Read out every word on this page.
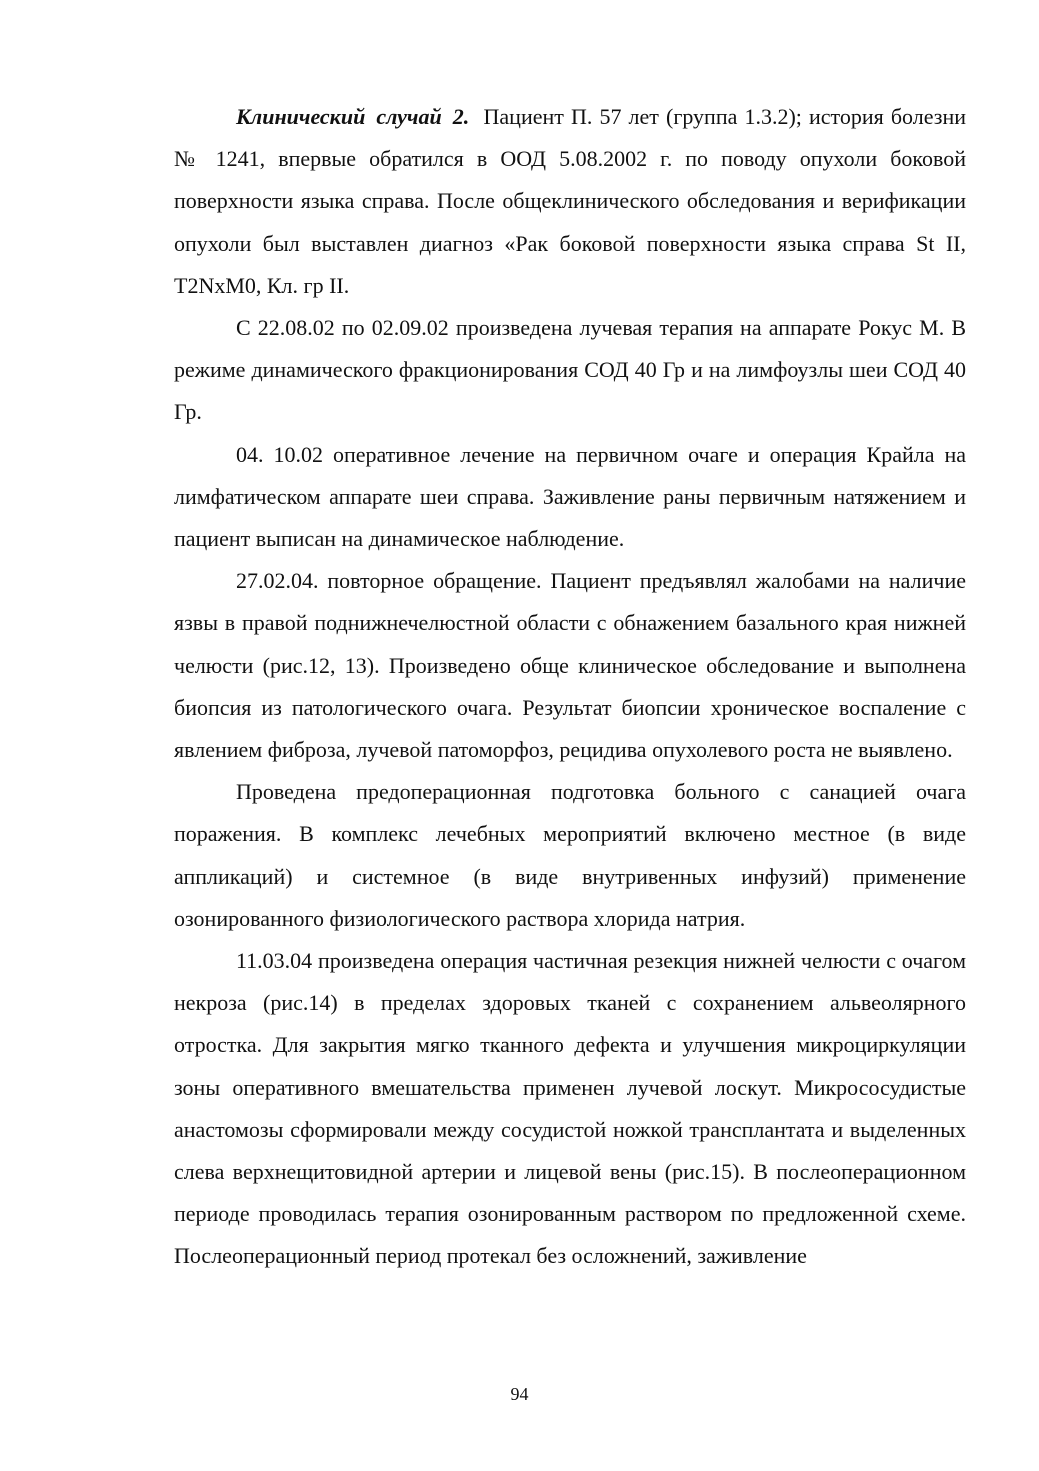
Клинический случай 2. Пациент П. 57 лет (группа 1.3.2); история болезни № 1241, впервые обратился в ООД 5.08.2002 г. по поводу опухоли боковой поверхности языка справа. После общеклинического обследования и верификации опухоли был выставлен диагноз «Рак боковой поверхности языка справа St II, T2NxM0, Кл. гр II.

С 22.08.02 по 02.09.02 произведена лучевая терапия на аппарате Рокус М. В режиме динамического фракционирования СОД 40 Гр и на лимфоузлы шеи СОД 40 Гр.

04. 10.02 оперативное лечение на первичном очаге и операция Крайла на лимфатическом аппарате шеи справа. Заживление раны первичным натяжением и пациент выписан на динамическое наблюдение.

27.02.04. повторное обращение. Пациент предъявлял жалобами на наличие язвы в правой поднижнечелюстной области с обнажением базального края нижней челюсти (рис.12, 13). Произведено обще клиническое обследование и выполнена биопсия из патологического очага. Результат биопсии хроническое воспаление с явлением фиброза, лучевой патоморфоз, рецидива опухолевого роста не выявлено.

Проведена предоперационная подготовка больного с санацией очага поражения. В комплекс лечебных мероприятий включено местное (в виде аппликаций) и системное (в виде внутривенных инфузий) применение озонированного физиологического раствора хлорида натрия.

11.03.04 произведена операция частичная резекция нижней челюсти с очагом некроза (рис.14) в пределах здоровых тканей с сохранением альвеолярного отростка. Для закрытия мягко тканного дефекта и улучшения микроциркуляции зоны оперативного вмешательства применен лучевой лоскут. Микрососудистые анастомозы сформировали между сосудистой ножкой трансплантата и выделенных слева верхнещитовидной артерии и лицевой вены (рис.15). В послеоперационном периоде проводилась терапия озонированным раствором по предложенной схеме. Послеоперационный период протекал без осложнений, заживление

94
